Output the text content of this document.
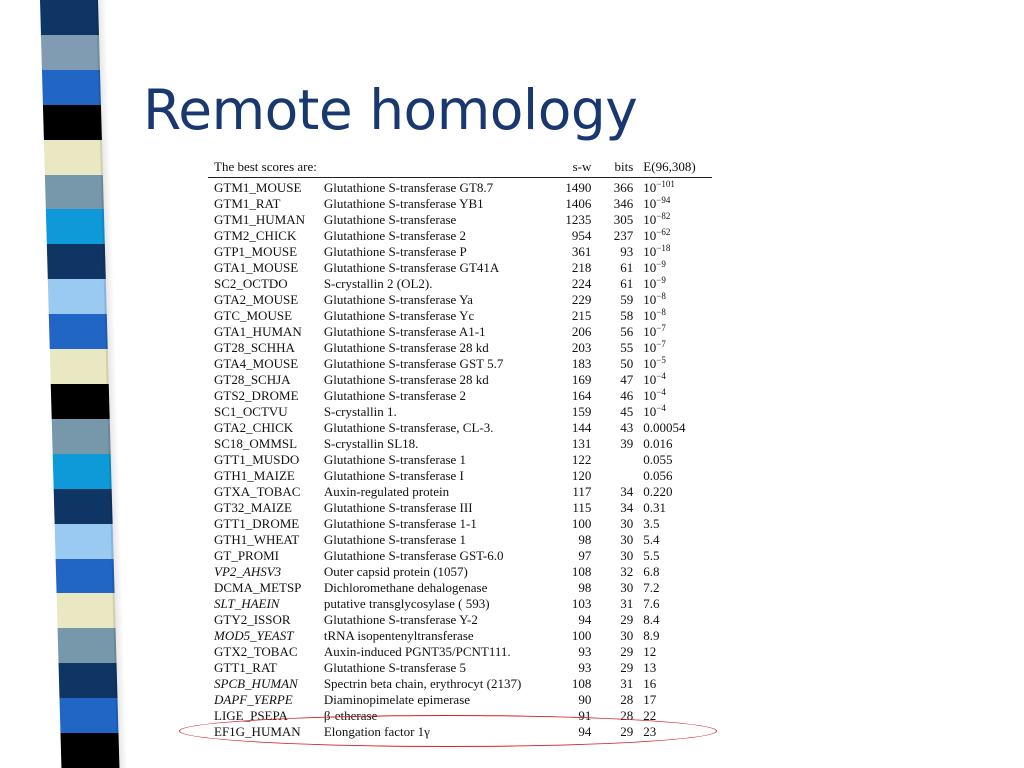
Remote homology
The best scores are:		s-w	bits	E(96,308)
GTM1_MOUSE	Glutathione S-transferase GT8.7	1490	366	$10^{-101}$
GTM1_RAT	Glutathione S-transferase YB1	1406	346	$10^{-94}$
GTM1_HUMAN	Glutathione S-transferase	1235	305	$10^{-82}$
GTM2_CHICK	Glutathione S-transferase 2	954	237	$10^{-62}$
GTP1_MOUSE	Glutathione S-transferase P	361	93	$10^{-18}$
GTA1_MOUSE	Glutathione S-transferase GT41A	218	61	$10^{-9}$
SC2_OCTDO	S-crystallin 2 (OL2).	224	61	$10^{-9}$
GTA2_MOUSE	Glutathione S-transferase Ya	229	59	$10^{-8}$
GTC_MOUSE	Glutathione S-transferase Yc	215	58	$10^{-8}$
GTA1_HUMAN	Glutathione S-transferase A1-1	206	56	$10^{-7}$
GT28_SCHHA	Glutathione S-transferase 28 kd	203	55	$10^{-7}$
GTA4_MOUSE	Glutathione S-transferase GST 5.7	183	50	$10^{-5}$
GT28_SCHJA	Glutathione S-transferase 28 kd	169	47	$10^{-4}$
GTS2_DROME	Glutathione S-transferase 2	164	46	$10^{-4}$
SC1_OCTVU	S-crystallin 1.	159	45	$10^{-4}$
GTA2_CHICK	Glutathione S-transferase, CL-3.	144	43	0.00054
SC18_OMMSL	S-crystallin SL18.	131	39	0.016
GTT1_MUSDO	Glutathione S-transferase 1	122		0.055
GTH1_MAIZE	Glutathione S-transferase I	120		0.056
GTXA_TOBAC	Auxin-regulated protein	117	34	0.220
GT32_MAIZE	Glutathione S-transferase III	115	34	0.31
GTT1_DROME	Glutathione S-transferase 1-1	100	30	3.5
GTH1_WHEAT	Glutathione S-transferase 1	98	30	5.4
GT_PROMI	Glutathione S-transferase GST-6.0	97	30	5.5
VP2_AHSV3	Outer capsid protein (1057)	108	32	6.8
DCMA_METSP	Dichloromethane dehalogenase	98	30	7.2
SLT_HAEIN	putative transglycosylase ( 593)	103	31	7.6
GTY2_ISSOR	Glutathione S-transferase Y-2	94	29	8.4
MOD5_YEAST	tRNA isopentenyltransferase	100	30	8.9
GTX2_TOBAC	Auxin-induced PGNT35/PCNT111.	93	29	12
GTT1_RAT	Glutathione S-transferase 5	93	29	13
SPCB_HUMAN	Spectrin beta chain, erythrocyt (2137)	108	31	16
DAPF_YERPE	Diaminopimelate epimerase	90	28	17
LIGE_PSEPA	β-etherase	91	28	22
EF1G_HUMAN	Elongation factor 1γ	94	29	23
